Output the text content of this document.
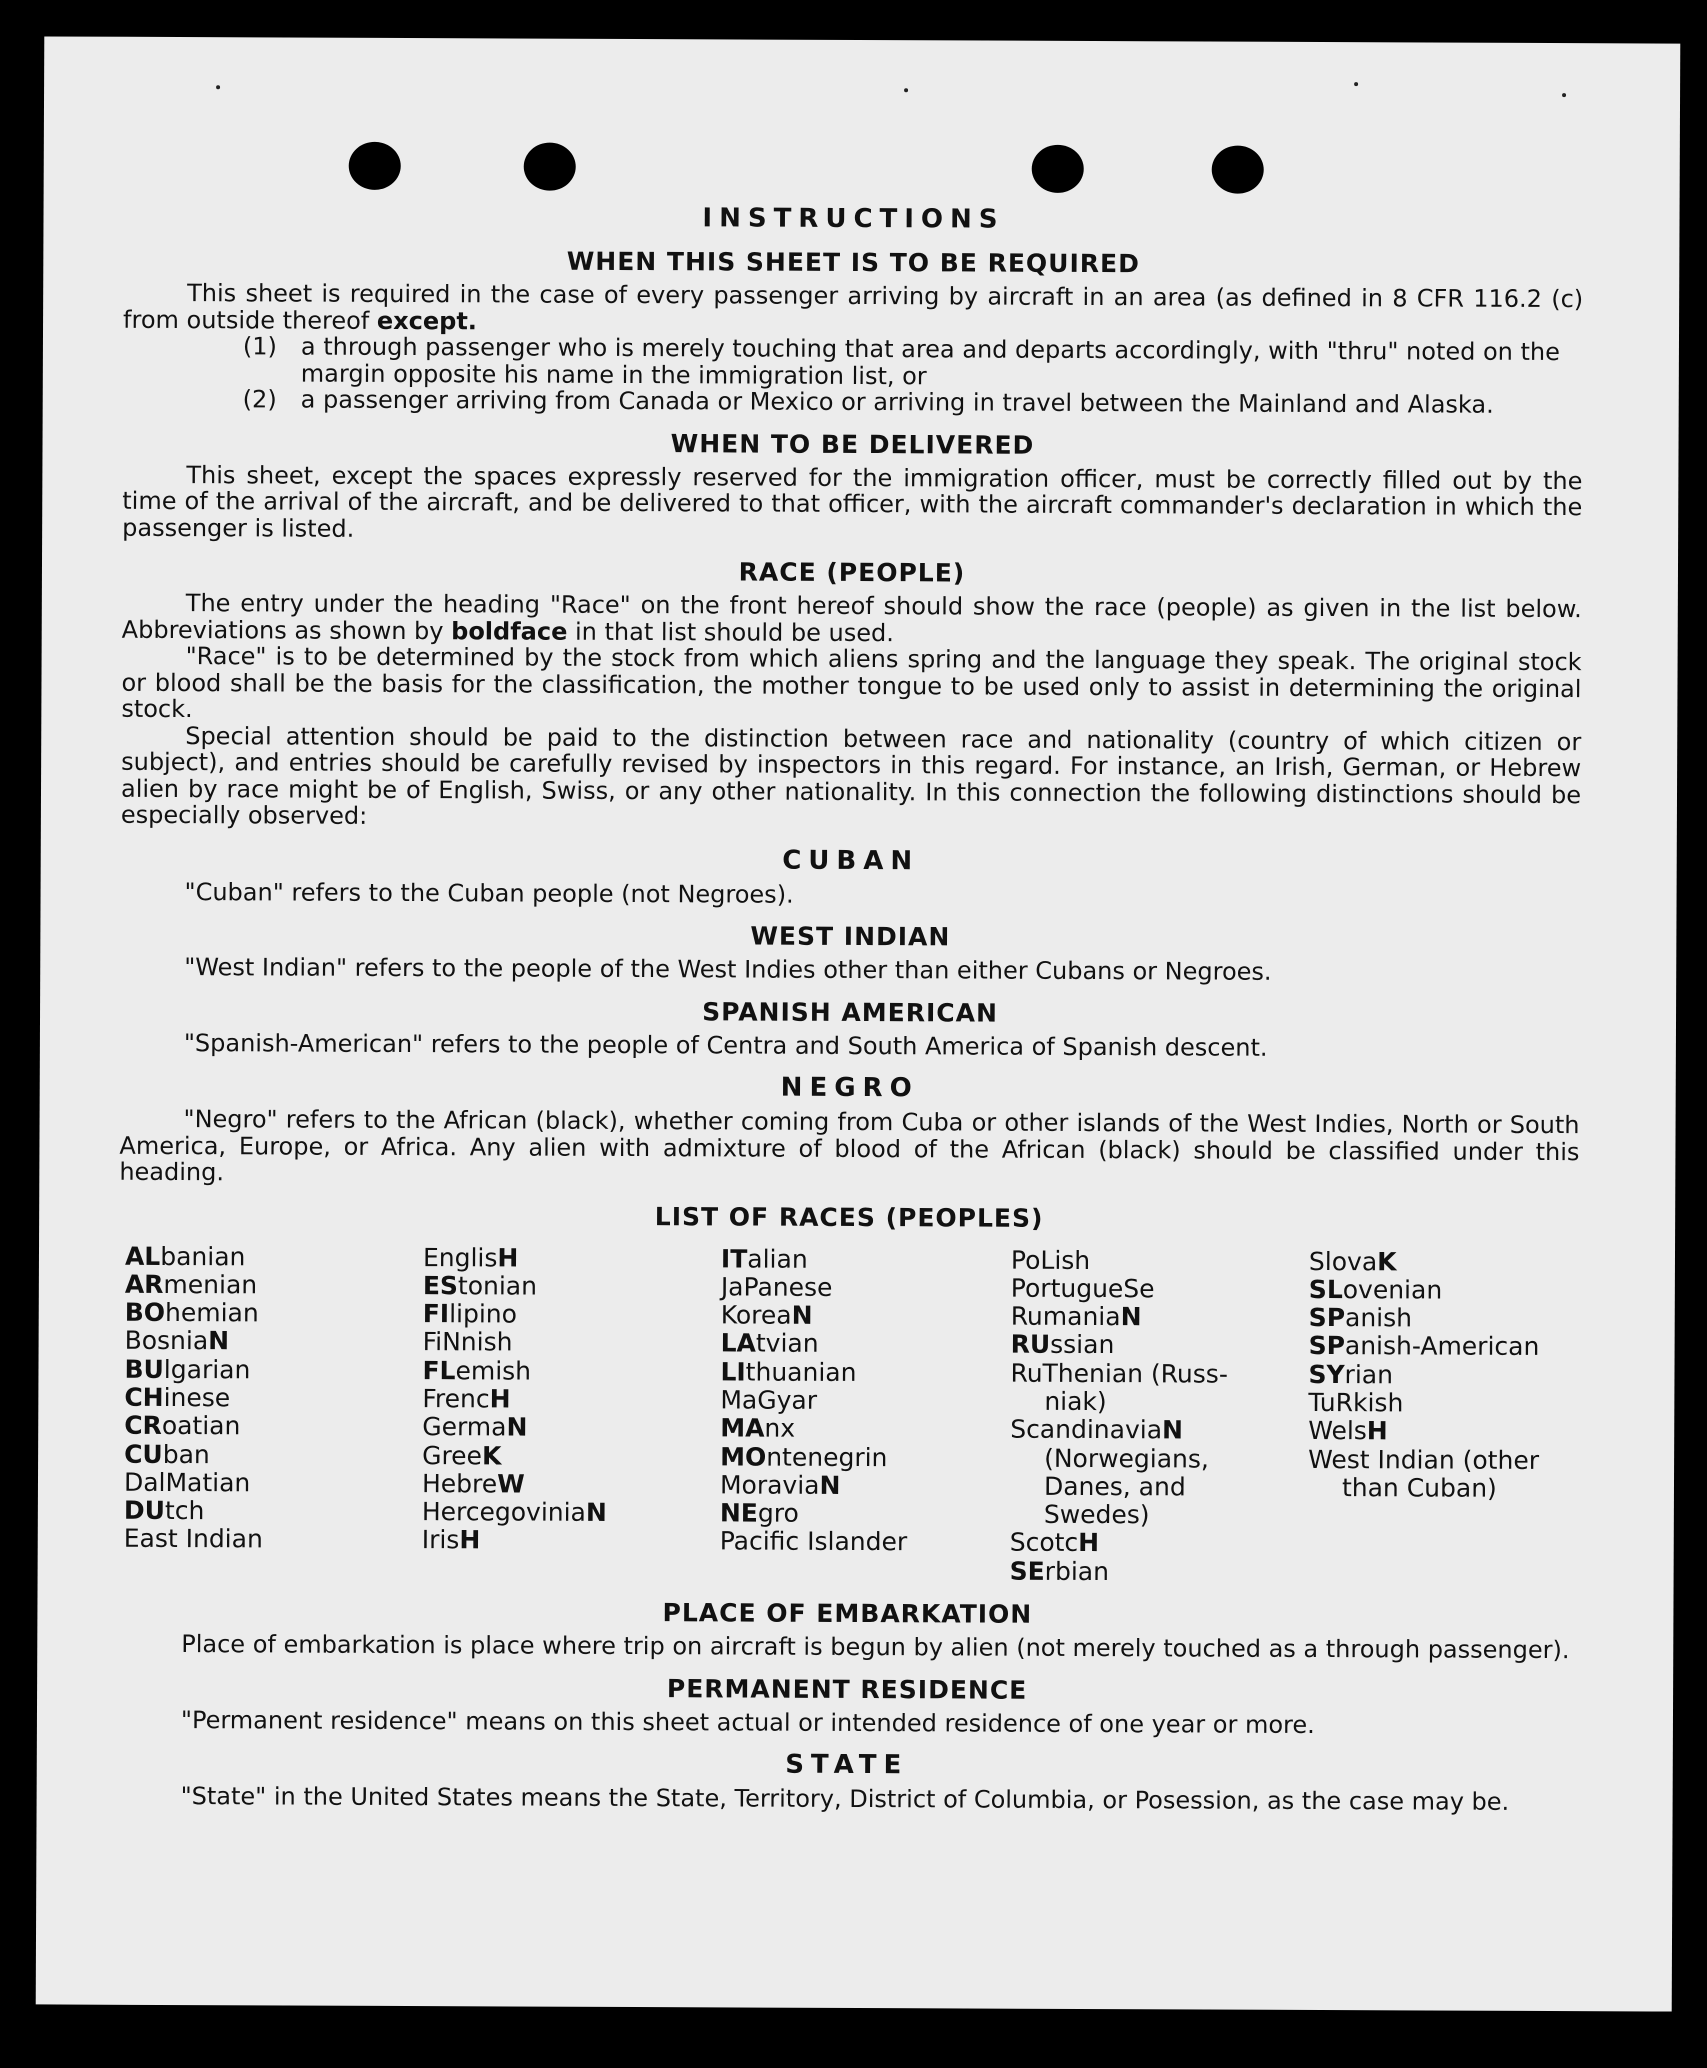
INSTRUCTIONS
WHEN THIS SHEET IS TO BE REQUIRED

This sheet is required in the case of every passenger arriving by aircraft in an area (as defined in 8 CFR 116.2 (c) from outside thereof except.

(1) a through passenger who is merely touching that area and departs accordingly, with "thru" noted on the margin opposite his name in the immigration list, or
(2) a passenger arriving from Canada or Mexico or arriving in travel between the Mainland and Alaska.
WHEN TO BE DELIVERED

This sheet, except the spaces expressly reserved for the immigration officer, must be correctly filled out by the time of the arrival of the aircraft, and be delivered to that officer, with the aircraft commander's declaration in which the passenger is listed.

RACE (PEOPLE)

The entry under the heading "Race" on the front hereof should show the race (people) as given in the list below. Abbreviations as shown by boldface in that list should be used.

"Race" is to be determined by the stock from which aliens spring and the language they speak. The original stock or blood shall be the basis for the classification, the mother tongue to be used only to assist in determining the original stock.

Special attention should be paid to the distinction between race and nationality (country of which citizen or subject), and entries should be carefully revised by inspectors in this regard. For instance, an Irish, German, or Hebrew alien by race might be of English, Swiss, or any other nationality. In this connection the following distinctions should be especially observed:

CUBAN

"Cuban" refers to the Cuban people (not Negroes).

WEST INDIAN

"West Indian" refers to the people of the West Indies other than either Cubans or Negroes.

SPANISH AMERICAN

"Spanish-American" refers to the people of Centra and South America of Spanish descent.

NEGRO

"Negro" refers to the African (black), whether coming from Cuba or other islands of the West Indies, North or South America, Europe, or Africa. Any alien with admixture of blood of the African (black) should be classified under this heading.

LIST OF RACES (PEOPLES)
ALbanian
ARmenian
BOhemian
BosniaN
BUlgarian
CHinese
CRoatian
CUban
DalMatian
DUtch
East Indian
EnglisH
EStonian
FIlipino
FiNnish
FLemish
FrencH
GermaN
GreeK
HebreW
HercegoviniaN
IrisH
ITalian
JaPanese
KoreaN
LAtvian
LIthuanian
MaGyar
MAnx
MOntenegrin
MoraviaN
NEgro
Pacific Islander
PoLish
PortugueSe
RumaniaN
RUssian
RuThenian (Russ-
niak)
ScandinaviaN
(Norwegians,
Danes, and
Swedes)
ScotcH
SErbian
SlovaK
SLovenian
SPanish
SPanish-American
SYrian
TuRkish
WelsH
West Indian (other
than Cuban)
PLACE OF EMBARKATION

Place of embarkation is place where trip on aircraft is begun by alien (not merely touched as a through passenger).

PERMANENT RESIDENCE

"Permanent residence" means on this sheet actual or intended residence of one year or more.

STATE

"State" in the United States means the State, Territory, District of Columbia, or Posession, as the case may be.
